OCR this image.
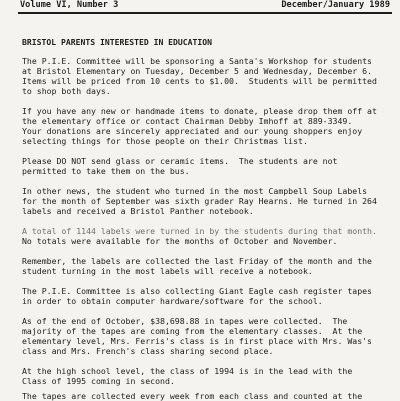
Volume VI, Number 3	December/January 1989
BRISTOL PARENTS INTERESTED IN EDUCATION
The P.I.E. Committee will be sponsoring a Santa's Workshop for students
at Bristol Elementary on Tuesday, December 5 and Wednesday, December 6.
Items will be priced from 10 cents to $1.00.  Students will be permitted
to shop both days.
If you have any new or handmade items to donate, please drop them off at
the elementary office or contact Chairman Debby Imhoff at 889-3349.
Your donations are sincerely appreciated and our young shoppers enjoy
selecting things for those people on their Christmas list.
Please DO NOT send glass or ceramic items.  The students are not
permitted to take them on the bus.
In other news, the student who turned in the most Campbell Soup Labels
for the month of September was sixth grader Ray Hearns. He turned in 264
labels and received a Bristol Panther notebook.
A total of 1144 labels were turned in by the students during that month.
No totals were available for the months of October and November.
Remember, the labels are collected the last Friday of the month and the
student turning in the most labels will receive a notebook.
The P.I.E. Committee is also collecting Giant Eagle cash register tapes
in order to obtain computer hardware/software for the school.
As of the end of October, $38,698.88 in tapes were collected.  The
majority of the tapes are coming from the elementary classes.  At the
elementary level, Mrs. Ferris's class is in first place with Mrs. Was's
class and Mrs. French's class sharing second place.
At the high school level, the class of 1994 is in the lead with the
Class of 1995 coming in second.
The tapes are collected every week from each class and counted at the
